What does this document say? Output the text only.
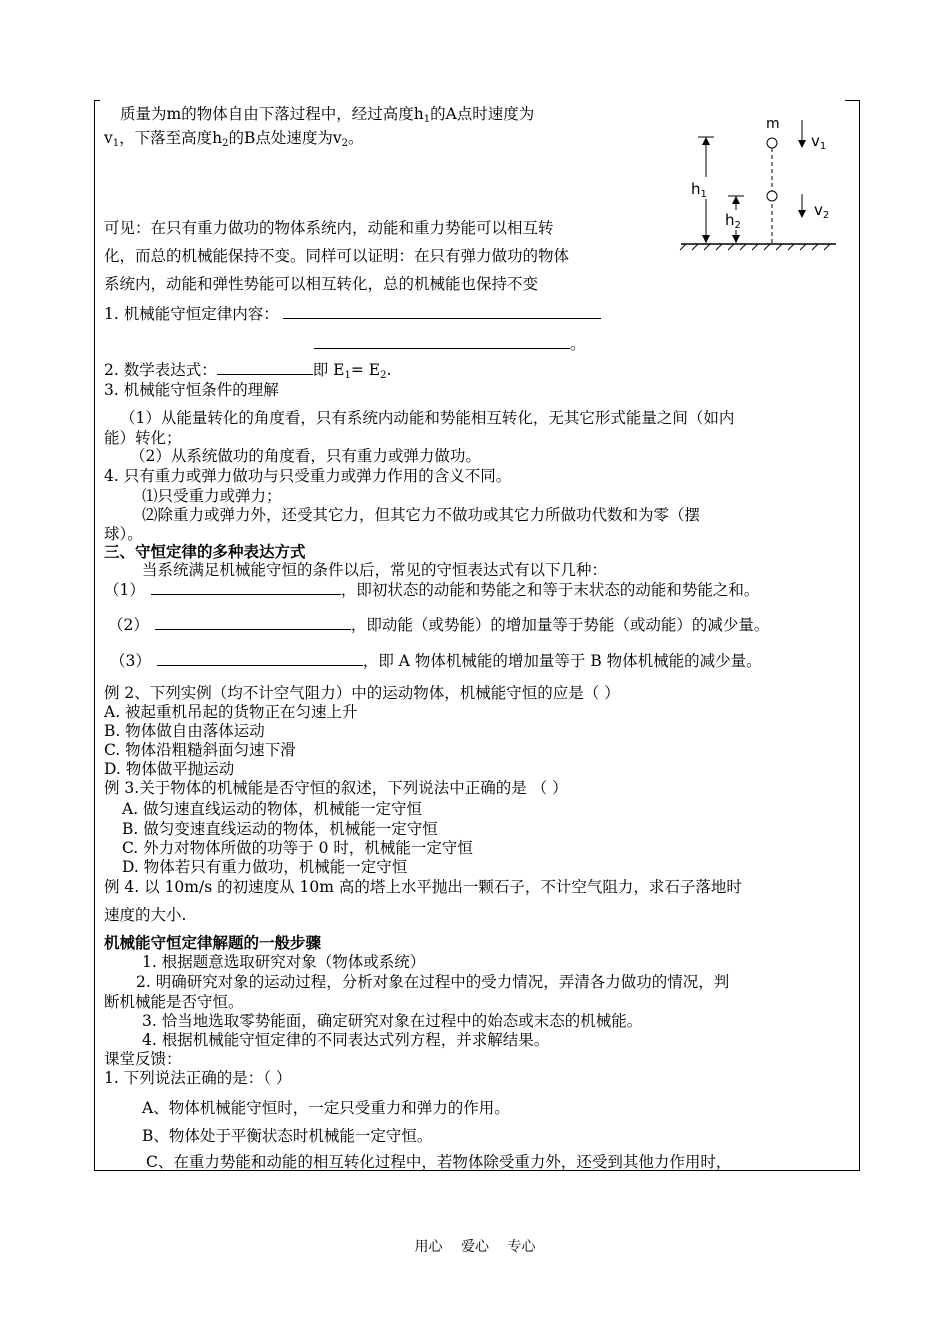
质量为m的物体自由下落过程中，经过高度$h_1$的A点时速度为
$v_1$，下落至高度$h_2$的B点处速度为$v_2$。
$h_1$
$h_2$
m
$v_1$
$v_2$
可见：在只有重力做功的物体系统内，动能和重力势能可以相互转
化，而总的机械能保持不变。同样可以证明：在只有弹力做功的物体
系统内，动能和弹性势能可以相互转化，总的机械能也保持不变
1. 机械能守恒定律内容：
。
2. 数学表达式：	即 $E_1= E_2$.
3. 机械能守恒条件的理解
（1）从能量转化的角度看，只有系统内动能和势能相互转化，无其它形式能量之间（如内
能）转化；
（2）从系统做功的角度看，只有重力或弹力做功。
4. 只有重力或弹力做功与只受重力或弹力作用的含义不同。
⑴只受重力或弹力；
⑵除重力或弹力外，还受其它力，但其它力不做功或其它力所做功代数和为零（摆
球）。
三、守恒定律的多种表达方式
当系统满足机械能守恒的条件以后，常见的守恒表达式有以下几种：
（1）	，即初状态的动能和势能之和等于末状态的动能和势能之和。
（2）	，即动能（或势能）的增加量等于势能（或动能）的减少量。
（3）	，即 A 物体机械能的增加量等于 B 物体机械能的减少量。
例 2、下列实例（均不计空气阻力）中的运动物体，机械能守恒的应是（ ）
A. 被起重机吊起的货物正在匀速上升
B. 物体做自由落体运动
C. 物体沿粗糙斜面匀速下滑
D. 物体做平抛运动
例 3.关于物体的机械能是否守恒的叙述，下列说法中正确的是 （ ）
A. 做匀速直线运动的物体，机械能一定守恒
B. 做匀变速直线运动的物体，机械能一定守恒
C. 外力对物体所做的功等于 0 时，机械能一定守恒
D. 物体若只有重力做功，机械能一定守恒
例 4. 以 10m/s 的初速度从 10m 高的塔上水平抛出一颗石子，不计空气阻力，求石子落地时
速度的大小.
机械能守恒定律解题的一般步骤
1. 根据题意选取研究对象（物体或系统）
2. 明确研究对象的运动过程，分析对象在过程中的受力情况，弄清各力做功的情况，判
断机械能是否守恒。
3. 恰当地选取零势能面，确定研究对象在过程中的始态或末态的机械能。
4. 根据机械能守恒定律的不同表达式列方程，并求解结果。
课堂反馈：
1. 下列说法正确的是：（ ）
A、物体机械能守恒时，一定只受重力和弹力的作用。
B、物体处于平衡状态时机械能一定守恒。
C、在重力势能和动能的相互转化过程中，若物体除受重力外，还受到其他力作用时，
用心 爱心 专心
